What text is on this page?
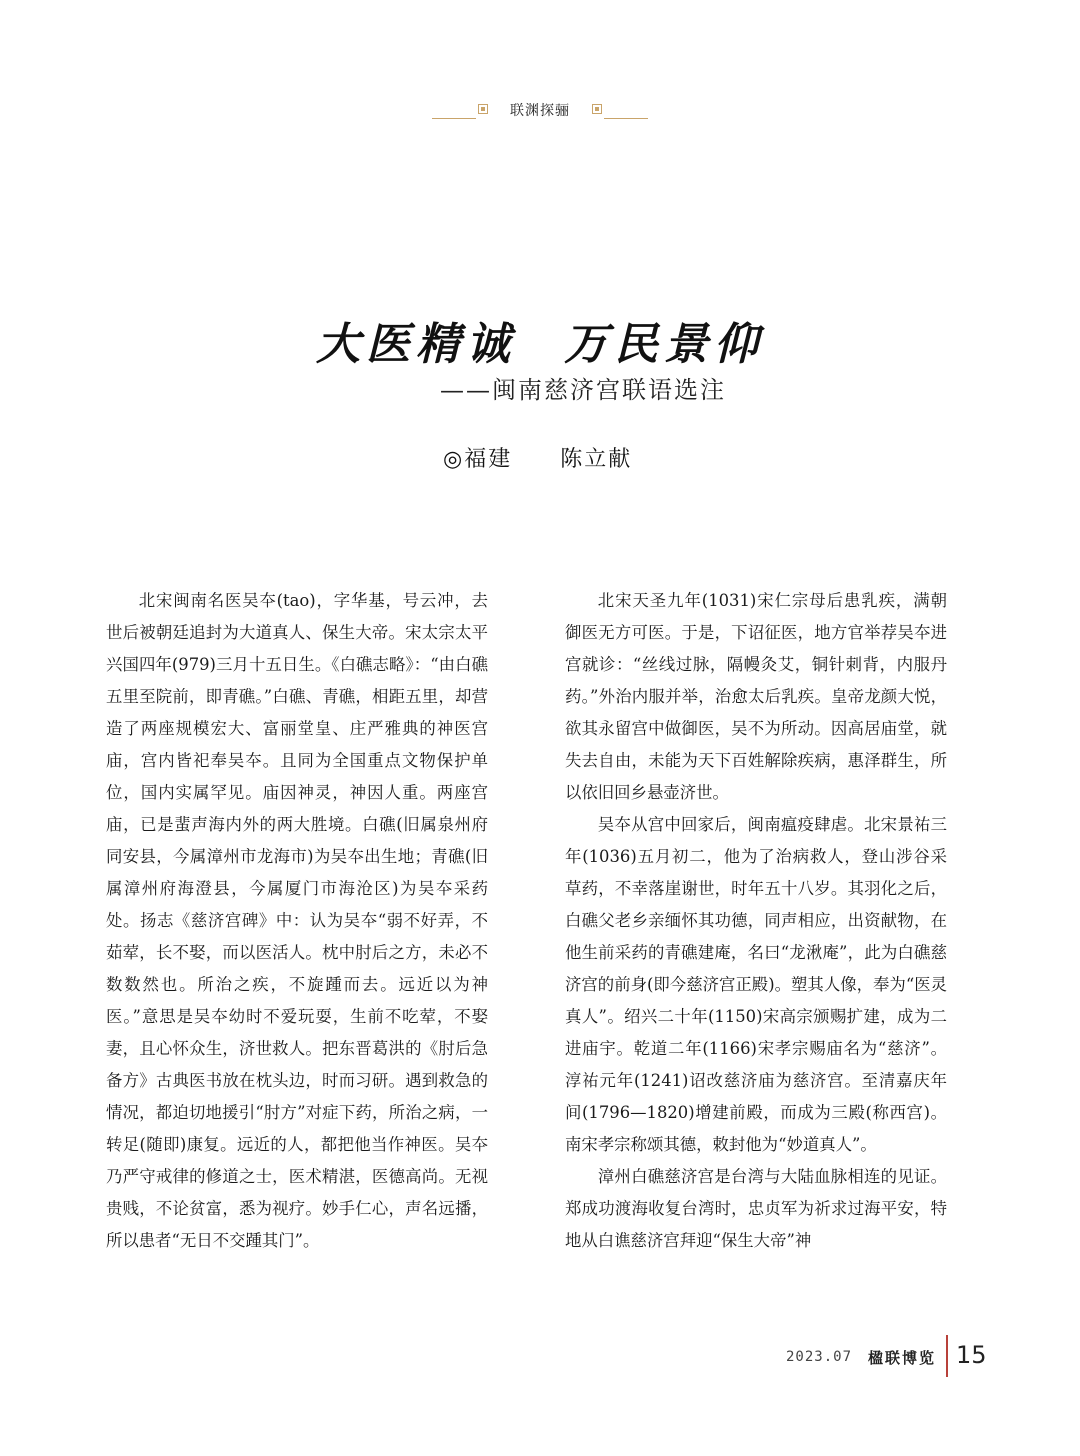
联渊探骊
大医精诚 万民景仰
——闽南慈济宫联语选注
◎福建 陈立献

北宋闽南名医吴夲(tao)，字华基，号云冲，去世后被朝廷追封为大道真人、保生大帝。宋太宗太平兴国四年(979)三月十五日生。《白礁志略》：“由白礁五里至院前，即青礁。”白礁、青礁，相距五里，却营造了两座规模宏大、富丽堂皇、庄严雅典的神医宫庙，宫内皆祀奉吴夲。且同为全国重点文物保护单位，国内实属罕见。庙因神灵，神因人重。两座宫庙，已是蜚声海内外的两大胜境。白礁(旧属泉州府同安县，今属漳州市龙海市)为吴夲出生地；青礁(旧属漳州府海澄县，今属厦门市海沧区)为吴夲采药处。扬志《慈济宫碑》中：认为吴夲“弱不好弄，不茹荤，长不娶，而以医活人。枕中肘后之方，未必不数数然也。所治之疾，不旋踵而去。远近以为神医。”意思是吴夲幼时不爱玩耍，生前不吃荤，不娶妻，且心怀众生，济世救人。把东晋葛洪的《肘后急备方》古典医书放在枕头边，时而习研。遇到救急的情况，都迫切地援引“肘方”对症下药，所治之病，一转足(随即)康复。远近的人，都把他当作神医。吴夲乃严守戒律的修道之士，医术精湛，医德高尚。无视贵贱，不论贫富，悉为视疗。妙手仁心，声名远播，所以患者“无日不交踵其门”。

北宋天圣九年(1031)宋仁宗母后患乳疾，满朝御医无方可医。于是，下诏征医，地方官举荐吴夲进宫就诊：“丝线过脉，隔幔灸艾，铜针刺背，内服丹药。”外治内服并举，治愈太后乳疾。皇帝龙颜大悦，欲其永留宫中做御医，吴不为所动。因高居庙堂，就失去自由，未能为天下百姓解除疾病，惠泽群生，所以依旧回乡悬壶济世。

吴夲从宫中回家后，闽南瘟疫肆虐。北宋景祐三年(1036)五月初二，他为了治病救人，登山涉谷采草药，不幸落崖谢世，时年五十八岁。其羽化之后，白礁父老乡亲缅怀其功德，同声相应，出资献物，在他生前采药的青礁建庵，名曰“龙湫庵”，此为白礁慈济宫的前身(即今慈济宫正殿)。塑其人像，奉为“医灵真人”。绍兴二十年(1150)宋高宗颁赐扩建，成为二进庙宇。乾道二年(1166)宋孝宗赐庙名为“慈济”。淳祐元年(1241)诏改慈济庙为慈济宫。至清嘉庆年间(1796—1820)增建前殿，而成为三殿(称西宫)。南宋孝宗称颂其德，敕封他为“妙道真人”。

漳州白礁慈济宫是台湾与大陆血脉相连的见证。郑成功渡海收复台湾时，忠贞军为祈求过海平安，特地从白谯慈济宫拜迎“保生大帝”神

2023.07 楹联博览 15
